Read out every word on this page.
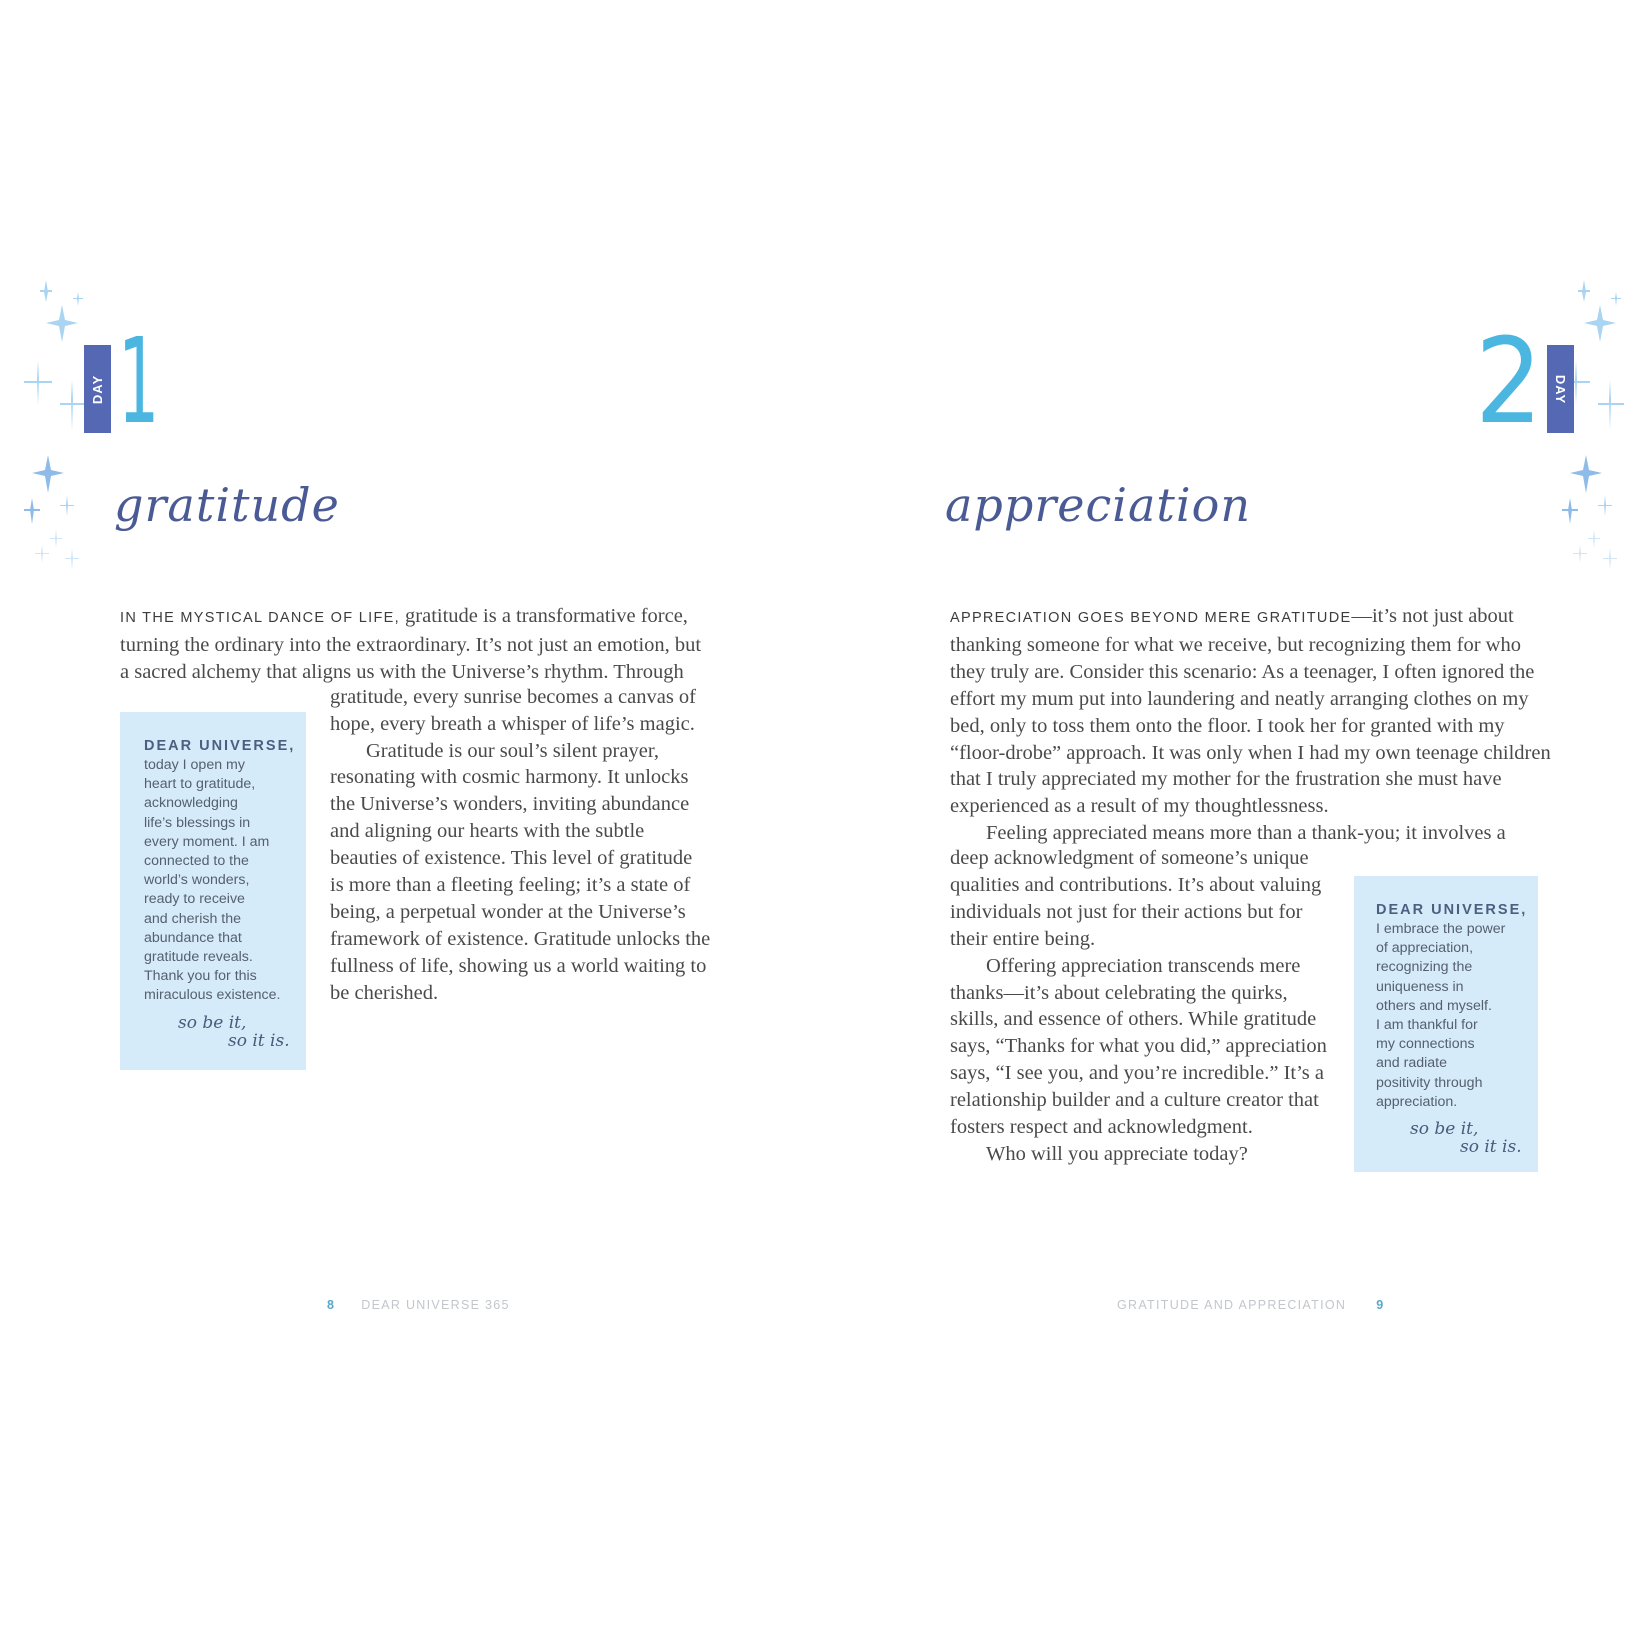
DAY 1
gratitude
IN THE MYSTICAL DANCE OF LIFE, gratitude is a transformative force,
turning the ordinary into the extraordinary. It’s not just an emotion, but
a sacred alchemy that aligns us with the Universe’s rhythm. Through
gratitude, every sunrise becomes a canvas of
hope, every breath a whisper of life’s magic.
Gratitude is our soul’s silent prayer,
resonating with cosmic harmony. It unlocks
the Universe’s wonders, inviting abundance
and aligning our hearts with the subtle
beauties of existence. This level of gratitude
is more than a fleeting feeling; it’s a state of
being, a perpetual wonder at the Universe’s
framework of existence. Gratitude unlocks the
fullness of life, showing us a world waiting to
be cherished.
DEAR UNIVERSE,
today I open my
heart to gratitude,
acknowledging
life’s blessings in
every moment. I am
connected to the
world’s wonders,
ready to receive
and cherish the
abundance that
gratitude reveals.
Thank you for this
miraculous existence.
so be it,
so it is.
8 DEAR UNIVERSE 365
2 DAY
appreciation
APPRECIATION GOES BEYOND MERE GRATITUDE—it’s not just about
thanking someone for what we receive, but recognizing them for who
they truly are. Consider this scenario: As a teenager, I often ignored the
effort my mum put into laundering and neatly arranging clothes on my
bed, only to toss them onto the floor. I took her for granted with my
“floor-drobe” approach. It was only when I had my own teenage children
that I truly appreciated my mother for the frustration she must have
experienced as a result of my thoughtlessness.
Feeling appreciated means more than a thank-you; it involves a
deep acknowledgment of someone’s unique
qualities and contributions. It’s about valuing
individuals not just for their actions but for
their entire being.
Offering appreciation transcends mere
thanks—it’s about celebrating the quirks,
skills, and essence of others. While gratitude
says, “Thanks for what you did,” appreciation
says, “I see you, and you’re incredible.” It’s a
relationship builder and a culture creator that
fosters respect and acknowledgment.
Who will you appreciate today?
DEAR UNIVERSE,
I embrace the power
of appreciation,
recognizing the
uniqueness in
others and myself.
I am thankful for
my connections
and radiate
positivity through
appreciation.
so be it,
so it is.
GRATITUDE AND APPRECIATION 9
